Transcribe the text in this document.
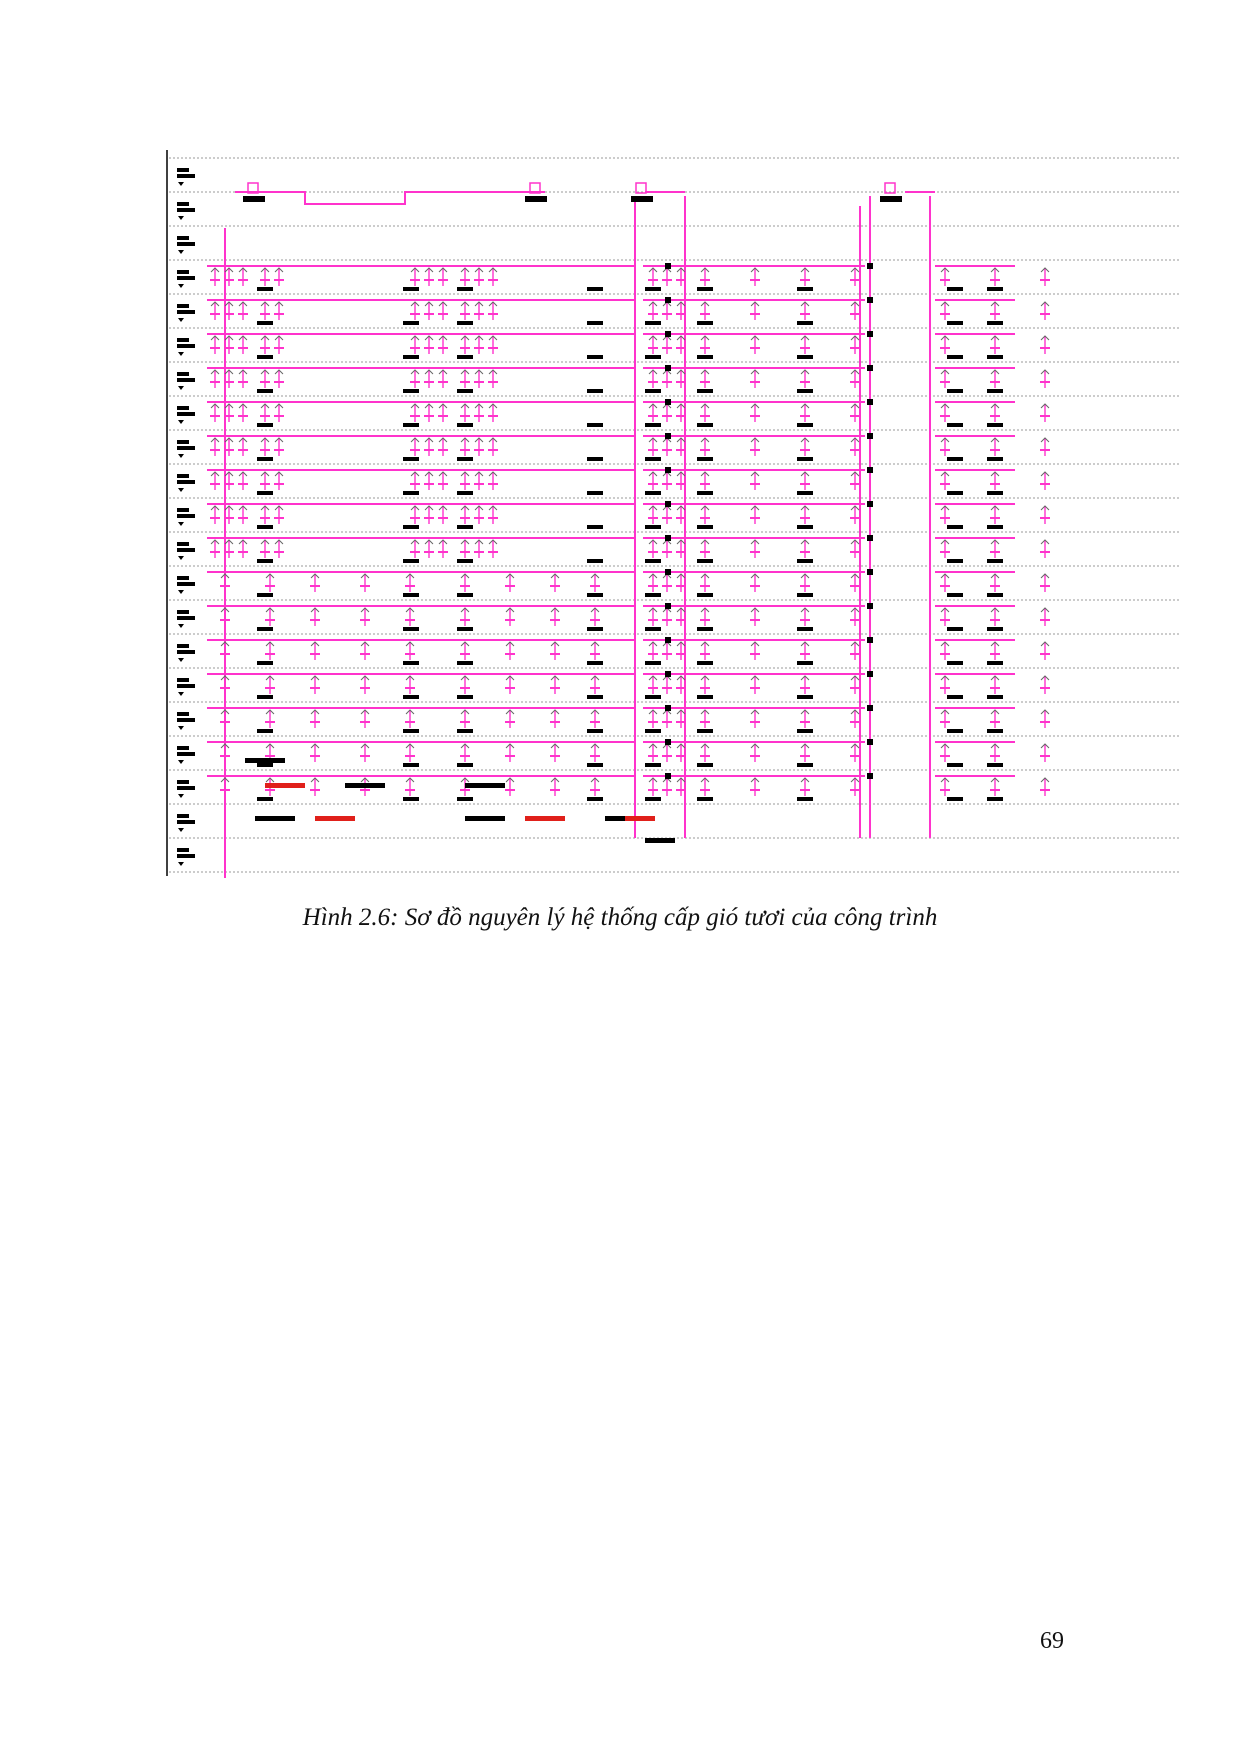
Hình 2.6: Sơ đồ nguyên lý hệ thống cấp gió tươi của công trình
69
